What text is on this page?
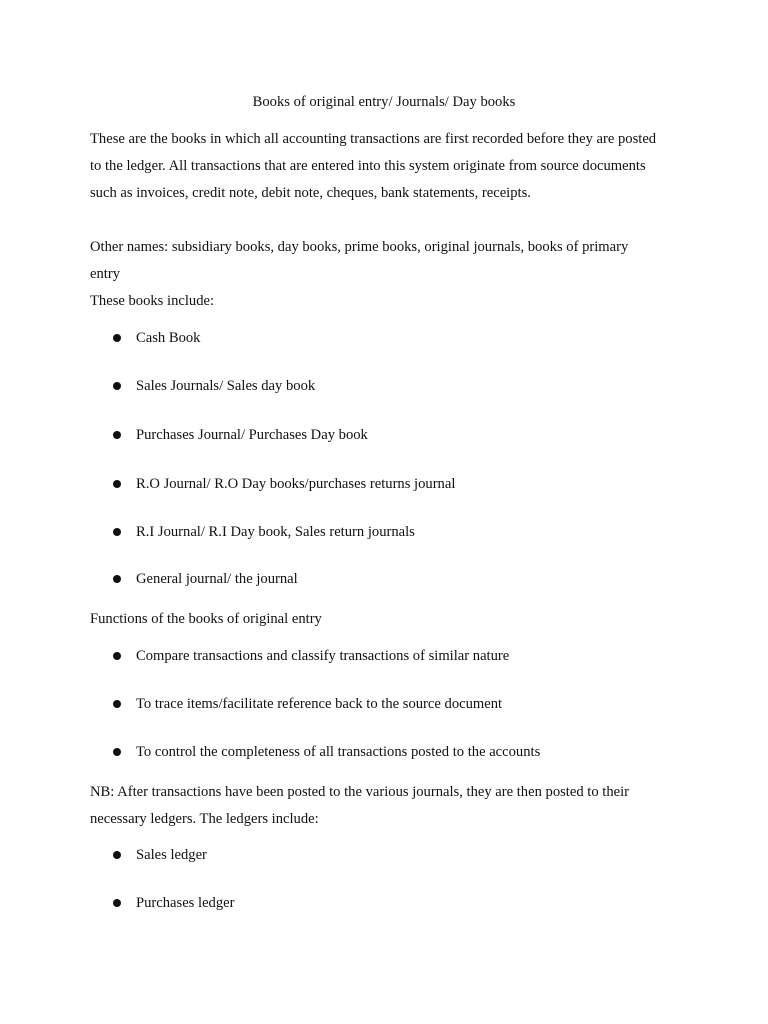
Books of original entry/ Journals/ Day books

These are the books in which all accounting transactions are first recorded before they are posted
to the ledger. All transactions that are entered into this system originate from source documents
such as invoices, credit note, debit note, cheques, bank statements, receipts.

Other names: subsidiary books, day books, prime books, original journals, books of primary
entry

These books include:

Cash Book
Sales Journals/ Sales day book
Purchases Journal/ Purchases Day book
R.O Journal/ R.O Day books/purchases returns journal
R.I Journal/ R.I Day book, Sales return journals
General journal/ the journal

Functions of the books of original entry

Compare transactions and classify transactions of similar nature
To trace items/facilitate reference back to the source document
To control the completeness of all transactions posted to the accounts

NB: After transactions have been posted to the various journals, they are then posted to their
necessary ledgers. The ledgers include:

Sales ledger
Purchases ledger
